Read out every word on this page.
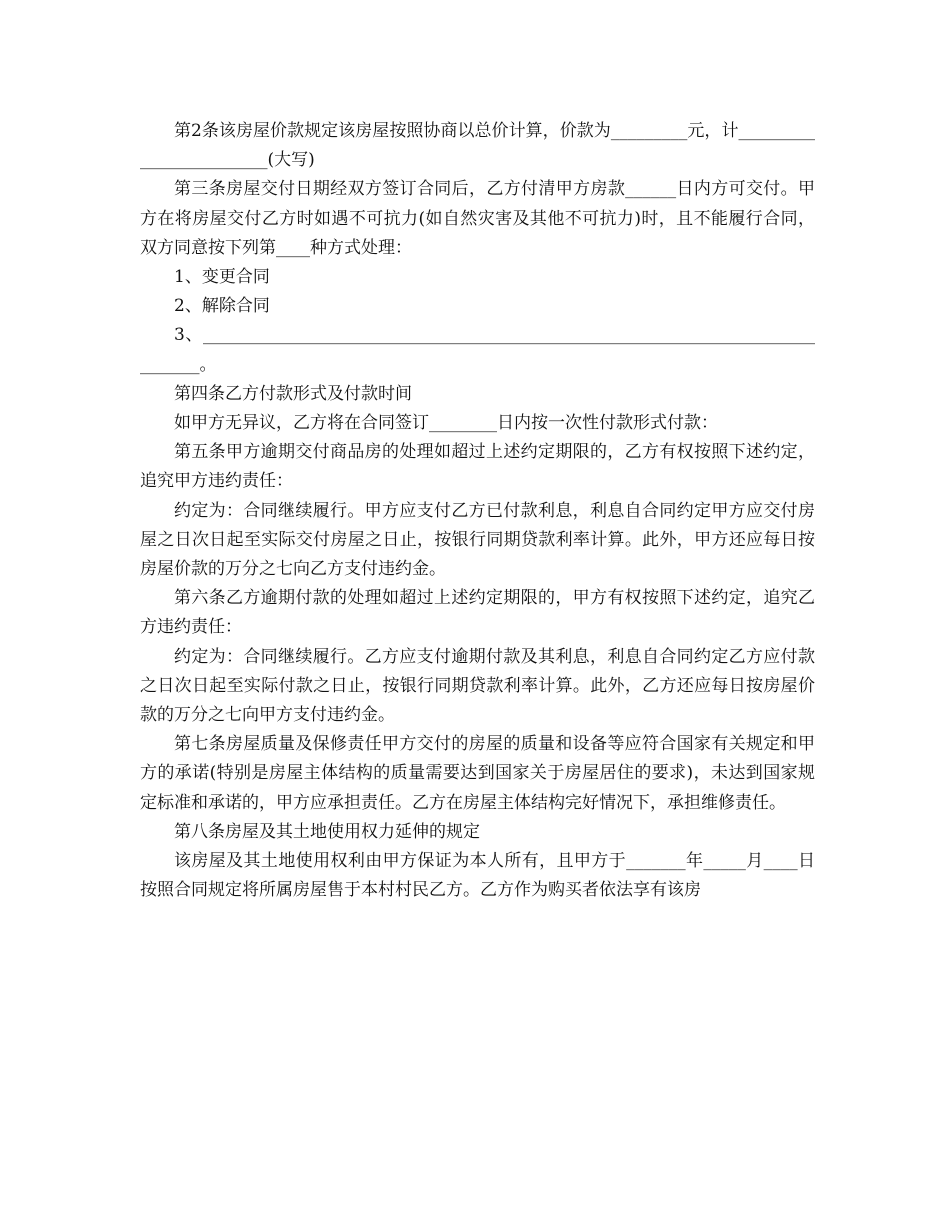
第2条该房屋价款规定该房屋按照协商以总价计算，价款为_________元，计________________________(大写)

第三条房屋交付日期经双方签订合同后，乙方付清甲方房款______日内方可交付。甲方在将房屋交付乙方时如遇不可抗力(如自然灾害及其他不可抗力)时，且不能履行合同，双方同意按下列第____种方式处理：

1、变更合同

2、解除合同

3、_______________________________________________________________________________。

第四条乙方付款形式及付款时间

如甲方无异议，乙方将在合同签订________日内按一次性付款形式付款：

第五条甲方逾期交付商品房的处理如超过上述约定期限的，乙方有权按照下述约定，追究甲方违约责任：

约定为：合同继续履行。甲方应支付乙方已付款利息，利息自合同约定甲方应交付房屋之日次日起至实际交付房屋之日止，按银行同期贷款利率计算。此外，甲方还应每日按房屋价款的万分之七向乙方支付违约金。

第六条乙方逾期付款的处理如超过上述约定期限的，甲方有权按照下述约定，追究乙方违约责任：

约定为：合同继续履行。乙方应支付逾期付款及其利息，利息自合同约定乙方应付款之日次日起至实际付款之日止，按银行同期贷款利率计算。此外，乙方还应每日按房屋价款的万分之七向甲方支付违约金。

第七条房屋质量及保修责任甲方交付的房屋的质量和设备等应符合国家有关规定和甲方的承诺(特别是房屋主体结构的质量需要达到国家关于房屋居住的要求)，未达到国家规定标准和承诺的，甲方应承担责任。乙方在房屋主体结构完好情况下，承担维修责任。

第八条房屋及其土地使用权力延伸的规定

该房屋及其土地使用权利由甲方保证为本人所有，且甲方于_______年_____月____日按照合同规定将所属房屋售于本村村民乙方。乙方作为购买者依法享有该房
